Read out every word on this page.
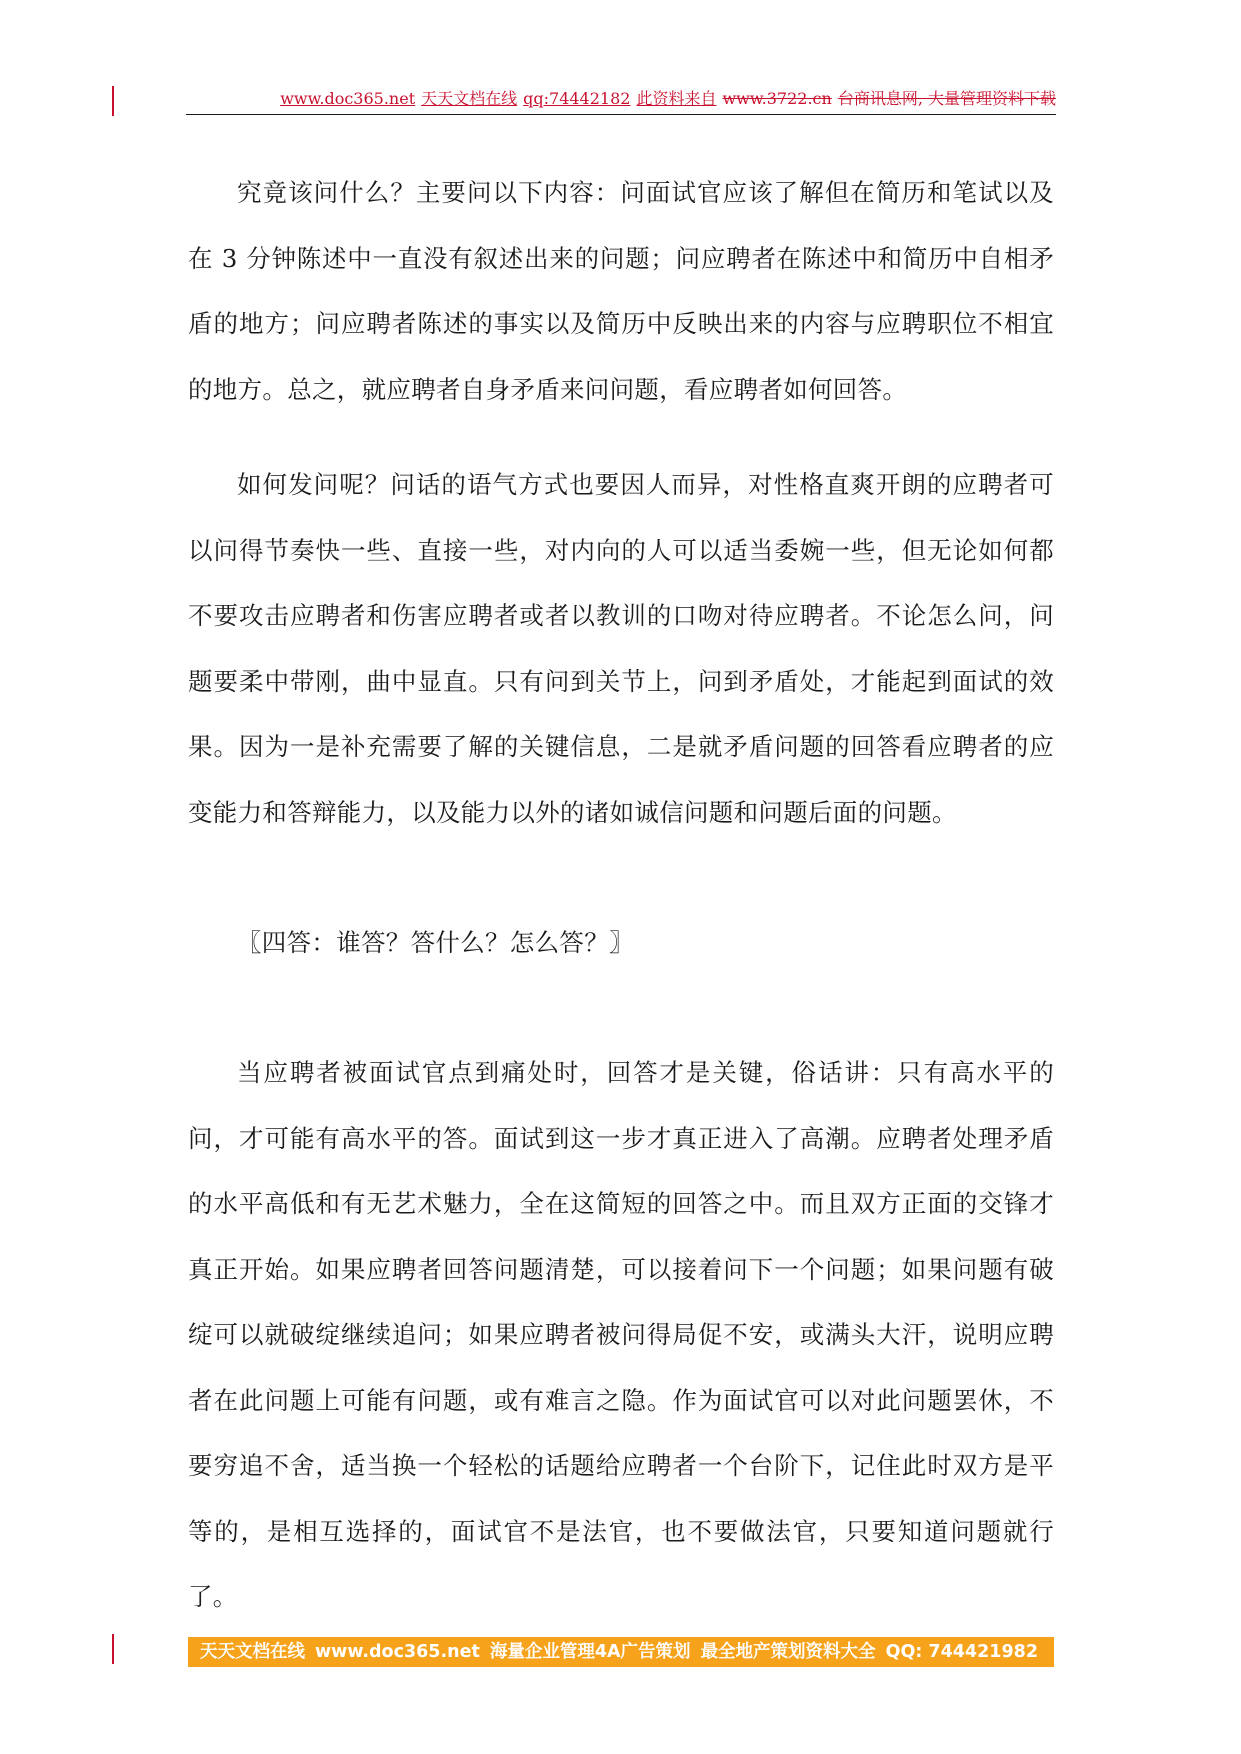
www.doc365.net 天天文档在线 qq:74442182 此资料来自 www.3722.cn 台商讯息网, 大量管理资料下载

究竟该问什么？主要问以下内容：问面试官应该了解但在简历和笔试以及在 3 分钟陈述中一直没有叙述出来的问题；问应聘者在陈述中和简历中自相矛盾的地方；问应聘者陈述的事实以及简历中反映出来的内容与应聘职位不相宜的地方。总之，就应聘者自身矛盾来问问题，看应聘者如何回答。

如何发问呢？问话的语气方式也要因人而异，对性格直爽开朗的应聘者可以问得节奏快一些、直接一些，对内向的人可以适当委婉一些，但无论如何都不要攻击应聘者和伤害应聘者或者以教训的口吻对待应聘者。不论怎么问，问题要柔中带刚，曲中显直。只有问到关节上，问到矛盾处，才能起到面试的效果。因为一是补充需要了解的关键信息，二是就矛盾问题的回答看应聘者的应变能力和答辩能力，以及能力以外的诸如诚信问题和问题后面的问题。

〖四答：谁答？答什么？怎么答？〗

当应聘者被面试官点到痛处时，回答才是关键，俗话讲：只有高水平的问，才可能有高水平的答。面试到这一步才真正进入了高潮。应聘者处理矛盾的水平高低和有无艺术魅力，全在这简短的回答之中。而且双方正面的交锋才真正开始。如果应聘者回答问题清楚，可以接着问下一个问题；如果问题有破绽可以就破绽继续追问；如果应聘者被问得局促不安，或满头大汗，说明应聘者在此问题上可能有问题，或有难言之隐。作为面试官可以对此问题罢休，不要穷追不舍，适当换一个轻松的话题给应聘者一个台阶下，记住此时双方是平等的，是相互选择的，面试官不是法官，也不要做法官，只要知道问题就行了。

天天文档在线 www.doc365.net 海量企业管理4A广告策划 最全地产策划资料大全 QQ: 744421982
